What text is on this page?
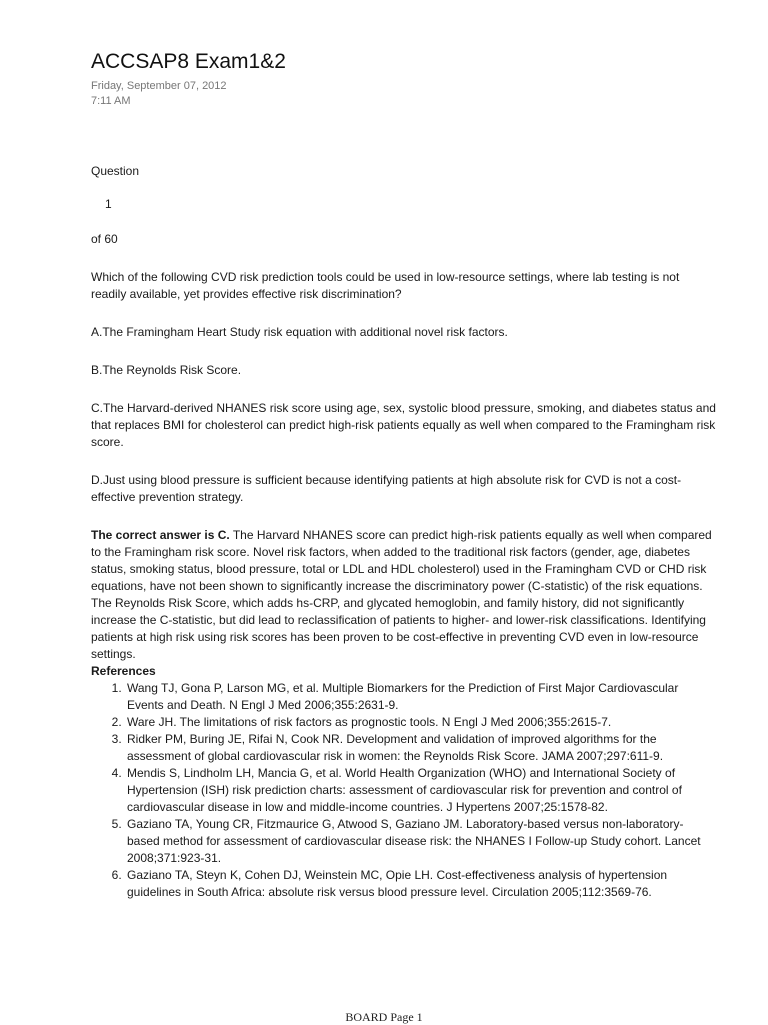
ACCSAP8 Exam1&2
Friday, September 07, 2012
7:11 AM

Question

1

of 60

Which of the following CVD risk prediction tools could be used in low-resource settings, where lab testing is not readily available, yet provides effective risk discrimination?

A.The Framingham Heart Study risk equation with additional novel risk factors.

B.The Reynolds Risk Score.

C.The Harvard-derived NHANES risk score using age, sex, systolic blood pressure, smoking, and diabetes status and that replaces BMI for cholesterol can predict high-risk patients equally as well when compared to the Framingham risk score.

D.Just using blood pressure is sufficient because identifying patients at high absolute risk for CVD is not a cost-effective prevention strategy.

The correct answer is C. The Harvard NHANES score can predict high-risk patients equally as well when compared to the Framingham risk score. Novel risk factors, when added to the traditional risk factors (gender, age, diabetes status, smoking status, blood pressure, total or LDL and HDL cholesterol) used in the Framingham CVD or CHD risk equations, have not been shown to significantly increase the discriminatory power (C-statistic) of the risk equations. The Reynolds Risk Score, which adds hs-CRP, and glycated hemoglobin, and family history, did not significantly increase the C-statistic, but did lead to reclassification of patients to higher- and lower-risk classifications. Identifying patients at high risk using risk scores has been proven to be cost-effective in preventing CVD even in low-resource settings.

References

1. Wang TJ, Gona P, Larson MG, et al. Multiple Biomarkers for the Prediction of First Major Cardiovascular Events and Death. N Engl J Med 2006;355:2631-9.
2. Ware JH. The limitations of risk factors as prognostic tools. N Engl J Med 2006;355:2615-7.
3. Ridker PM, Buring JE, Rifai N, Cook NR. Development and validation of improved algorithms for the assessment of global cardiovascular risk in women: the Reynolds Risk Score. JAMA 2007;297:611-9.
4. Mendis S, Lindholm LH, Mancia G, et al. World Health Organization (WHO) and International Society of Hypertension (ISH) risk prediction charts: assessment of cardiovascular risk for prevention and control of cardiovascular disease in low and middle-income countries. J Hypertens 2007;25:1578-82.
5. Gaziano TA, Young CR, Fitzmaurice G, Atwood S, Gaziano JM. Laboratory-based versus non-laboratory-based method for assessment of cardiovascular disease risk: the NHANES I Follow-up Study cohort. Lancet 2008;371:923-31.
6. Gaziano TA, Steyn K, Cohen DJ, Weinstein MC, Opie LH. Cost-effectiveness analysis of hypertension guidelines in South Africa: absolute risk versus blood pressure level. Circulation 2005;112:3569-76.
BOARD Page 1
